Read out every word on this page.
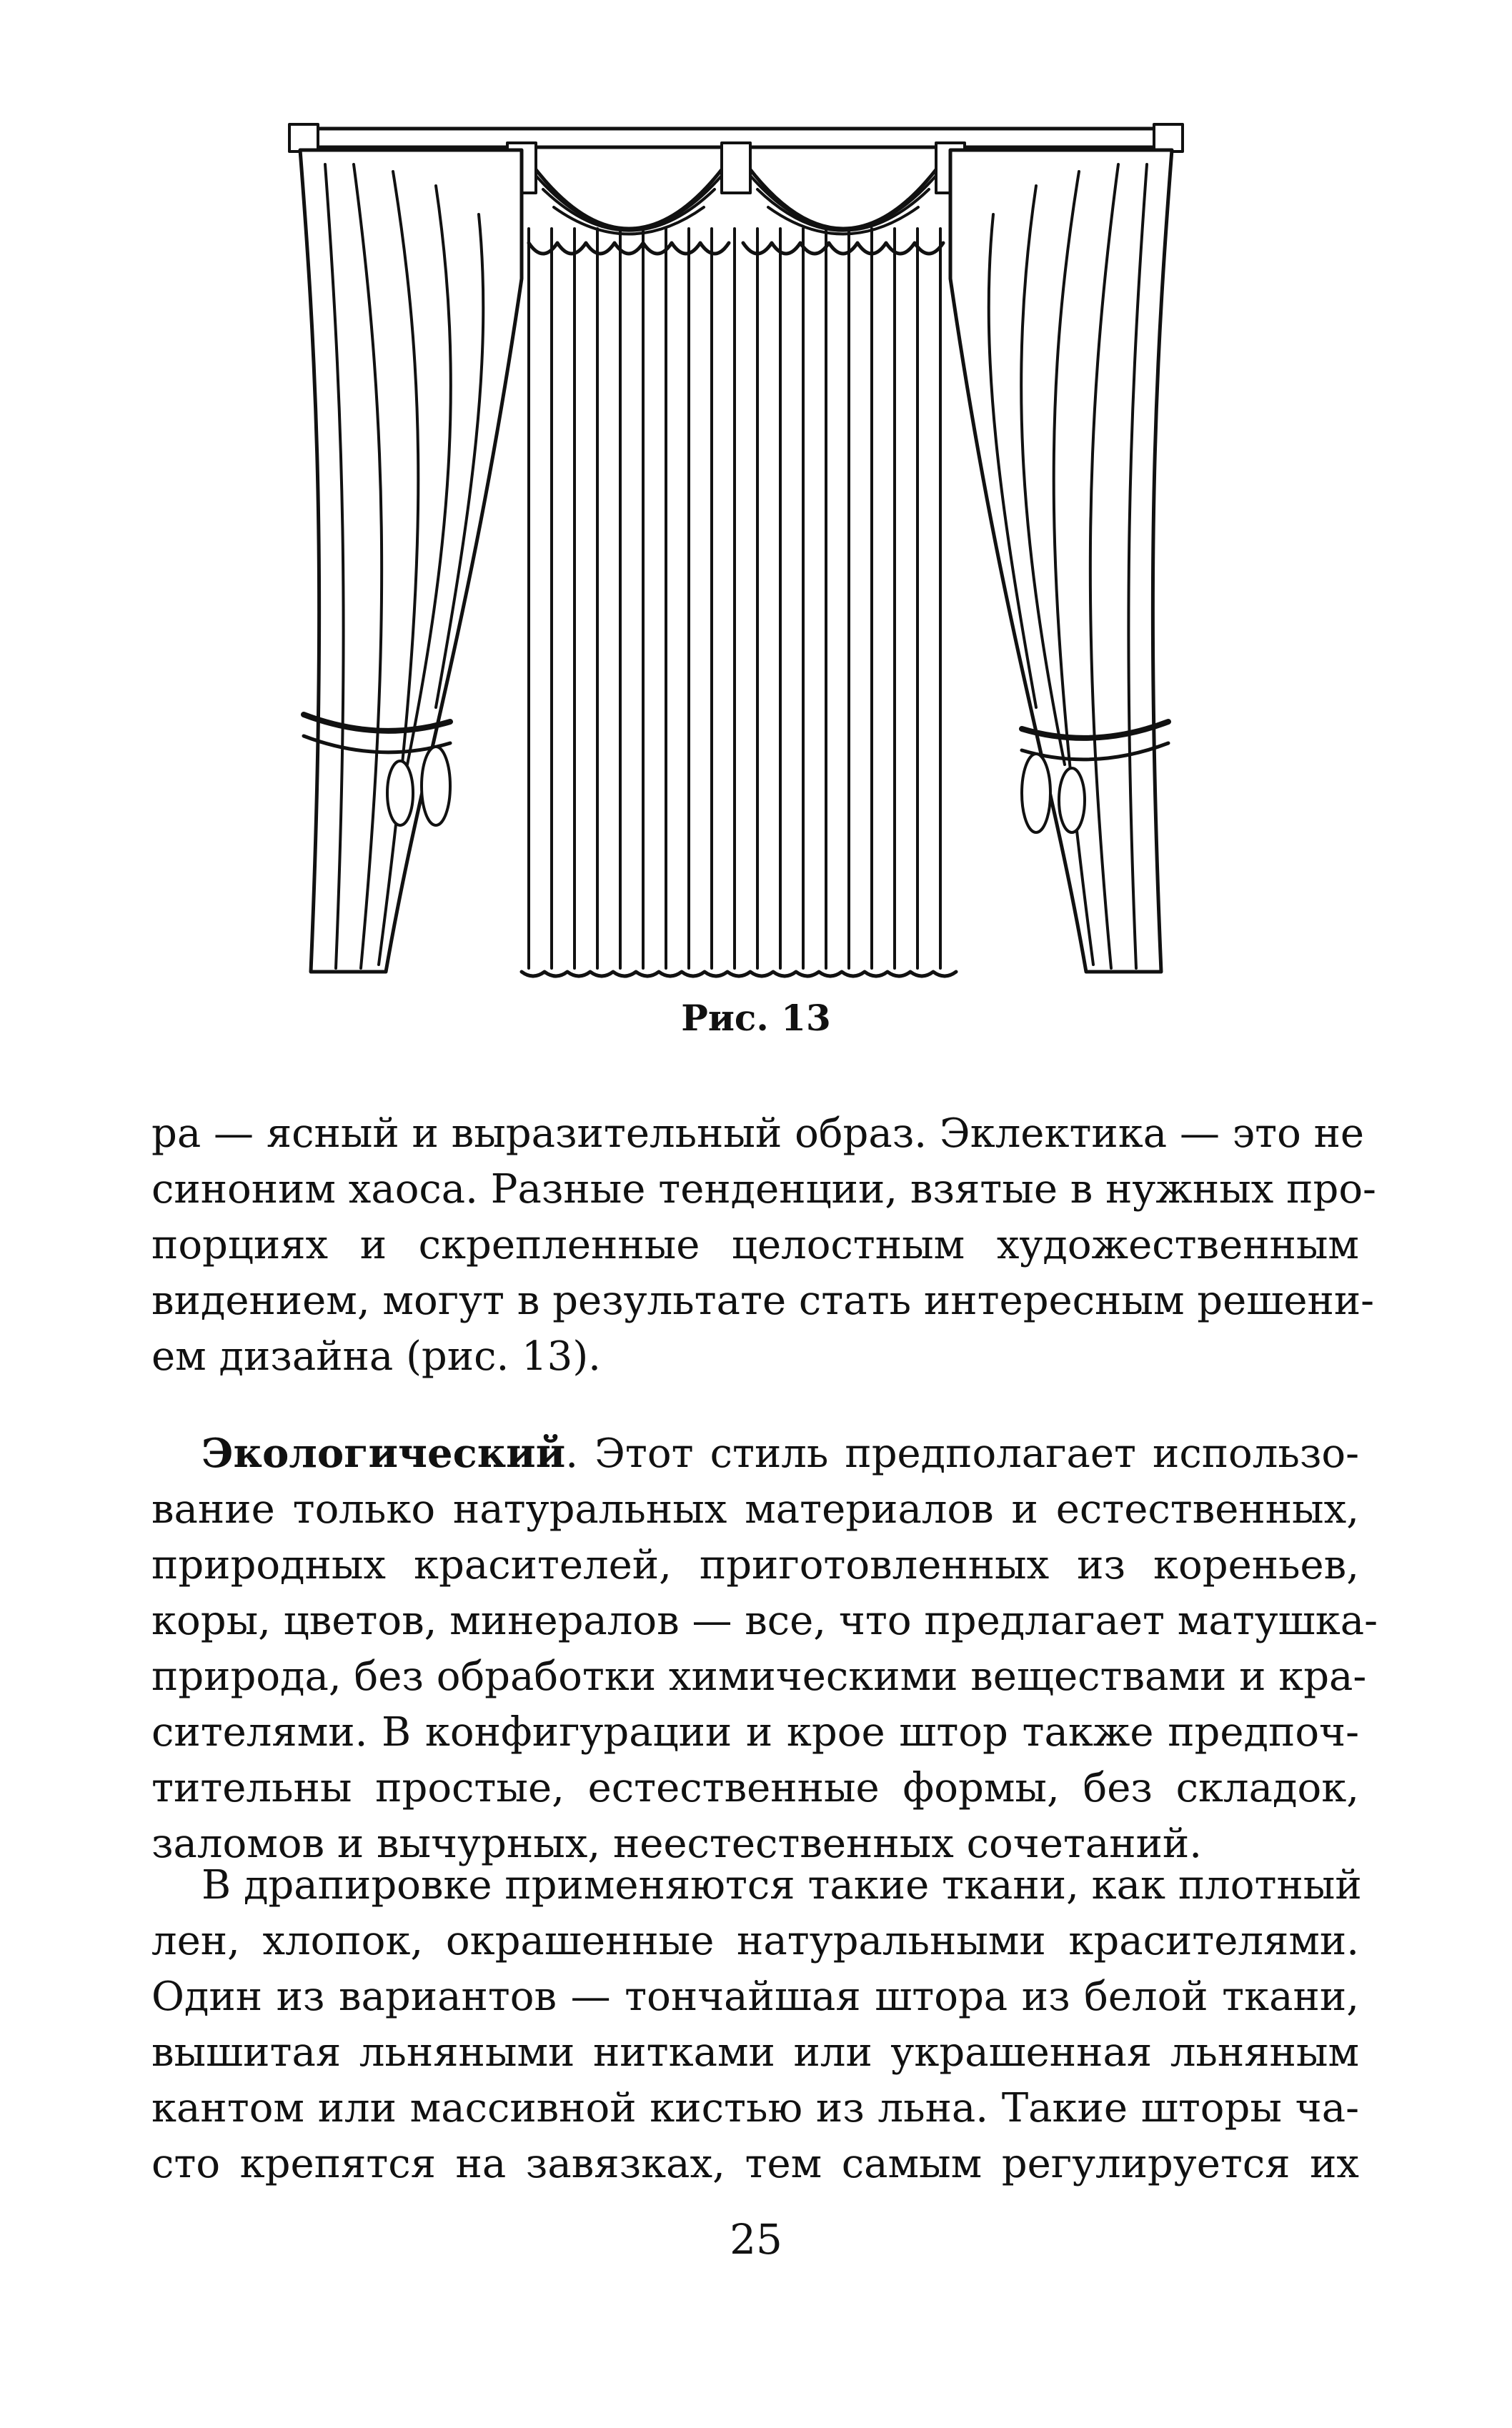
Рис. 13
ра — ясный и выразительный образ. Эклектика — это не
синоним хаоса. Разные тенденции, взятые в нужных про-
порциях и скрепленные целостным художественным
видением, могут в результате стать интересным решени-
ем дизайна (рис. 13).
Экологический. Этот стиль предполагает использо-
вание только натуральных материалов и естественных,
природных красителей, приготовленных из кореньев,
коры, цветов, минералов — все, что предлагает матушка-
природа, без обработки химическими веществами и кра-
сителями. В конфигурации и крое штор также предпоч-
тительны простые, естественные формы, без складок,
заломов и вычурных, неестественных сочетаний.
В драпировке применяются такие ткани, как плотный
лен, хлопок, окрашенные натуральными красителями.
Один из вариантов — тончайшая штора из белой ткани,
вышитая льняными нитками или украшенная льняным
кантом или массивной кистью из льна. Такие шторы ча-
сто крепятся на завязках, тем самым регулируется их
25
